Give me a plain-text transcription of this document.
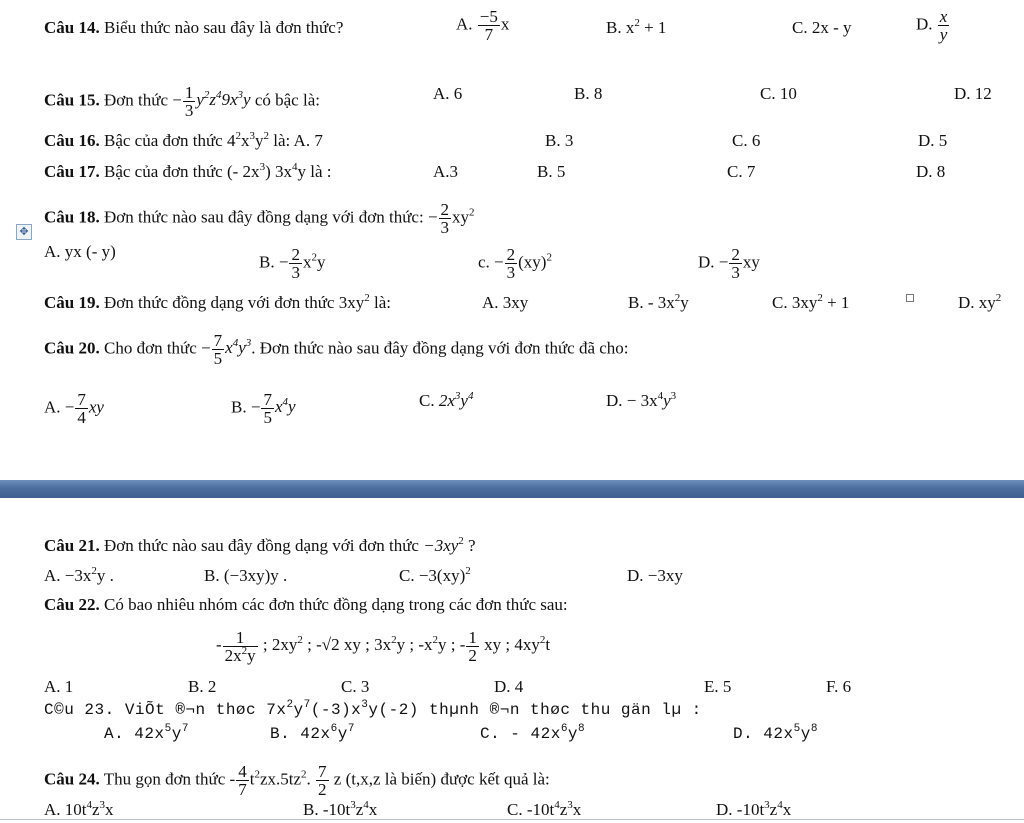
Câu 14. Biểu thức nào sau đây là đơn thức?	A. $\frac{-5}{7}$ x	B. $x^2 + 1$	C. 2x - y	D. $\frac{x}{y}$
Câu 15. Đơn thức − $\frac{1}{3} y^2z^49x^3y$ có bậc là:	A. 6	B. 8	C. 10	D. 12
Câu 16. Bậc của đơn thức $4^2x^3y^2$ là: A. 7	B. 3	C. 6	D. 5
Câu 17. Bậc của đơn thức (- $2x^3$) $3x^4y$ là :	A.3	B. 5	C. 7	D. 8
✥
Câu 18. Đơn thức nào sau đây đồng dạng với đơn thức: − $\frac{2}{3} xy^2$
A. yx (- y)
B. − $\frac{2}{3} x^2y$	c. − $\frac{2}{3} (xy)^2$	D. − $\frac{2}{3}$ xy
Câu 19. Đơn thức đồng dạng với đơn thức $3xy^2$ là:	A. 3xy	B. - $3x^2y$	C. $3xy^2 + 1$	D. $xy^2$
Câu 20. Cho đơn thức − $\frac{7}{5} x^4y^3$. Đơn thức nào sau đây đồng dạng với đơn thức đã cho:
A. − $\frac{7}{4}$ xy	B. − $\frac{7}{5} x^4y$	C. $2x^3y^4$	D. − $3x^4y^3$
Câu 21. Đơn thức nào sau đây đồng dạng với đơn thức $-3xy^2$ ?
A. $-3x^2y$ .	B. (−3xy)y .	C. −3(xy)$^2$	D. −3xy
Câu 22. Có bao nhiêu nhóm các đơn thức đồng dạng trong các đơn thức sau:
- $\frac{1}{2x^2y}$ ; $2xy^2$ ; -√2 xy ; $3x^2y$ ; $-x^2y$ ; - $\frac{1}{2}$ xy ; $4xy^2t$
A. 1	B. 2	C. 3	D. 4	E. 5	F. 6
C©u 23. ViÕt ®¬n thøc $7x^2y^7(-3)x^3y(-2)$ thµnh ®¬n thøc thu gän lµ :
A. $42x^5y^7$	B. $42x^6y^7$	C. - $42x^6y^8$	D. $42x^5y^8$
Câu 24. Thu gọn đơn thức - $\frac{4}{7} t^2zx.5tz^2$. $\frac{7}{2}$ z (t,x,z là biến) được kết quả là:
A. $10t^4z^3x$	B. $-10t^3z^4x$	C. $-10t^4z^3x$	D. $-10t^3z^4x$
